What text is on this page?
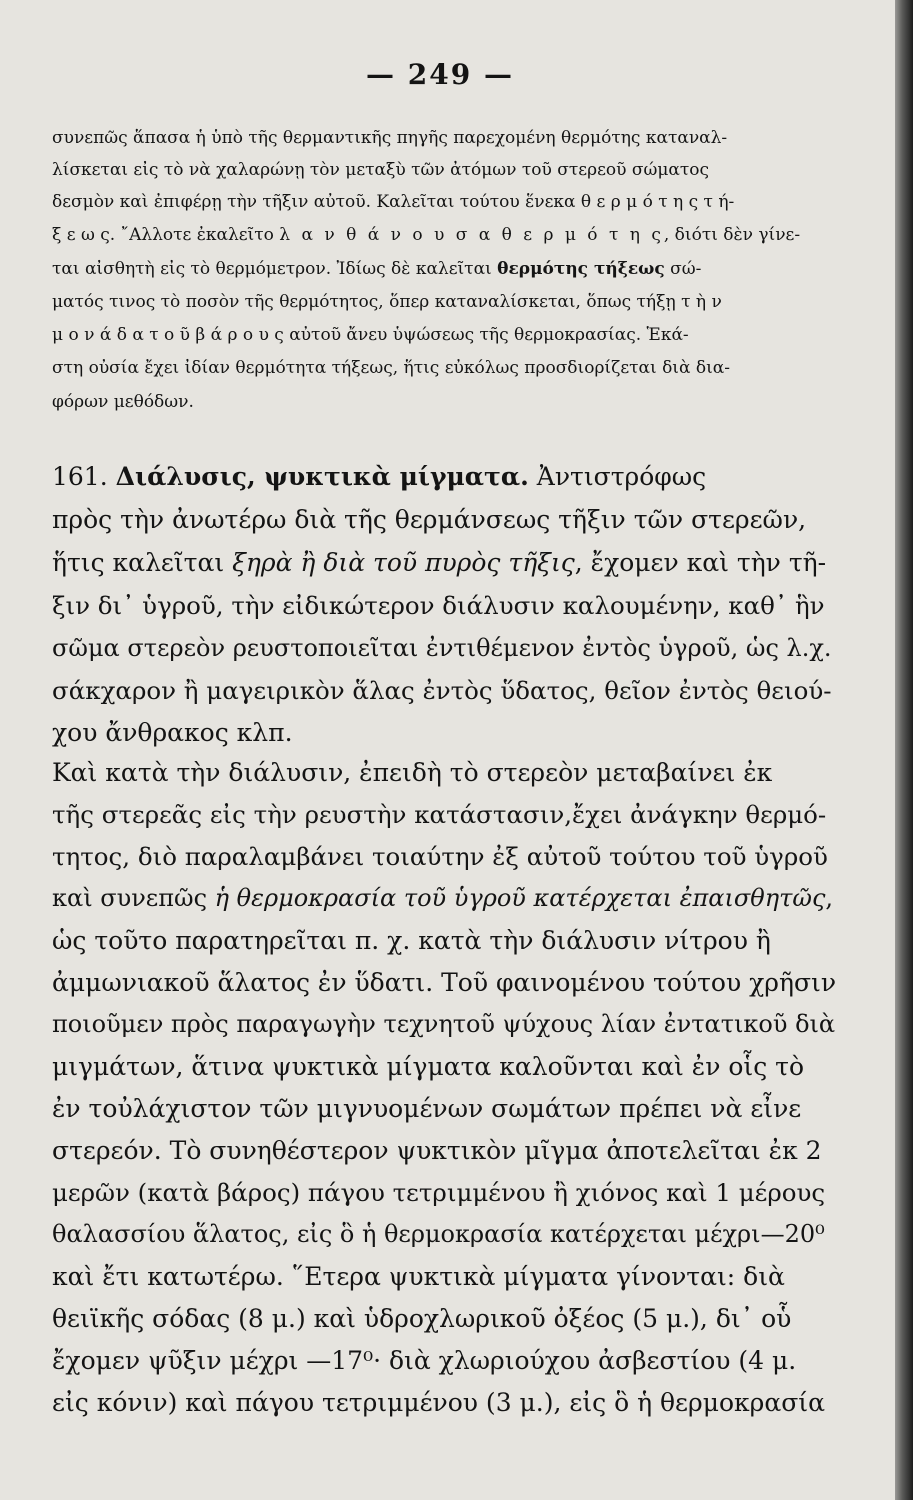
— 249 —

συνεπῶς ἅπασα ἡ ὑπὸ τῆς θερμαντικῆς πηγῆς παρεχομένη θερμότης καταναλ-

λίσκεται εἰς τὸ νὰ χαλαρώνῃ τὸν μεταξὺ τῶν ἀτόμων τοῦ στερεοῦ σώματος

δεσμὸν καὶ ἐπιφέρῃ τὴν τῆξιν αὐτοῦ. Καλεῖται τούτου ἕνεκα θ ε ρ μ ό τ η ς τ ή-

ξ ε ω ς. ῎Αλλοτε ἐκαλεῖτο λ α ν θ ά ν ο υ σ α θ ε ρ μ ό τ η ς, διότι δὲν γίνε-

ται αἰσθητὴ εἰς τὸ θερμόμετρον. Ἰδίως δὲ καλεῖται θερμότης τήξεως σώ-

ματός τινος τὸ ποσὸν τῆς θερμότητος, ὅπερ καταναλίσκεται, ὅπως τήξῃ τ ὴ ν

μ ο ν ά δ α τ ο ῦ β ά ρ ο υ ς αὐτοῦ ἄνευ ὑψώσεως τῆς θερμοκρασίας. Ἑκά-

στη οὐσία ἔχει ἰδίαν θερμότητα τήξεως, ἥτις εὐκόλως προσδιορίζεται διὰ δια-

φόρων μεθόδων.

161. Διάλυσις, ψυκτικὰ μίγματα. Ἀντιστρόφως

πρὸς τὴν ἀνωτέρω διὰ τῆς θερμάνσεως τῆξιν τῶν στερεῶν,

ἥτις καλεῖται ξηρὰ ἢ διὰ τοῦ πυρὸς τῆξις, ἔχομεν καὶ τὴν τῆ-

ξιν δι᾿ ὑγροῦ, τὴν εἰδικώτερον διάλυσιν καλουμένην, καθ᾿ ἣν

σῶμα στερεὸν ρευστοποιεῖται ἐντιθέμενον ἐντὸς ὑγροῦ, ὡς λ.χ.

σάκχαρον ἢ μαγειρικὸν ἅλας ἐντὸς ὕδατος, θεῖον ἐντὸς θειού-

χου ἄνθρακος κλπ.

Καὶ κατὰ τὴν διάλυσιν, ἐπειδὴ τὸ στερεὸν μεταβαίνει ἐκ

τῆς στερεᾶς εἰς τὴν ρευστὴν κατάστασιν,ἔχει ἀνάγκην θερμό-

τητος, διὸ παραλαμβάνει τοιαύτην ἐξ αὐτοῦ τούτου τοῦ ὑγροῦ

καὶ συνεπῶς ἡ θερμοκρασία τοῦ ὑγροῦ κατέρχεται ἐπαισθητῶς,

ὡς τοῦτο παρατηρεῖται π. χ. κατὰ τὴν διάλυσιν νίτρου ἢ

ἀμμωνιακοῦ ἅλατος ἐν ὕδατι. Τοῦ φαινομένου τούτου χρῆσιν

ποιοῦμεν πρὸς παραγωγὴν τεχνητοῦ ψύχους λίαν ἐντατικοῦ διὰ

μιγμάτων, ἅτινα ψυκτικὰ μίγματα καλοῦνται καὶ ἐν οἷς τὸ

ἐν τοὐλάχιστον τῶν μιγνυομένων σωμάτων πρέπει νὰ εἶνε

στερεόν. Τὸ συνηθέστερον ψυκτικὸν μῖγμα ἀποτελεῖται ἐκ 2

μερῶν (κατὰ βάρος) πάγου τετριμμένου ἢ χιόνος καὶ 1 μέρους

θαλασσίου ἅλατος, εἰς ὃ ἡ θερμοκρασία κατέρχεται μέχρι—20⁰

καὶ ἔτι κατωτέρω. ῞Ετερα ψυκτικὰ μίγματα γίνονται: διὰ

θειϊκῆς σόδας (8 μ.) καὶ ὑδροχλωρικοῦ ὀξέος (5 μ.), δι᾿ οὗ

ἔχομεν ψῦξιν μέχρι —17⁰· διὰ χλωριούχου ἀσβεστίου (4 μ.

εἰς κόνιν) καὶ πάγου τετριμμένου (3 μ.), εἰς ὃ ἡ θερμοκρασία
